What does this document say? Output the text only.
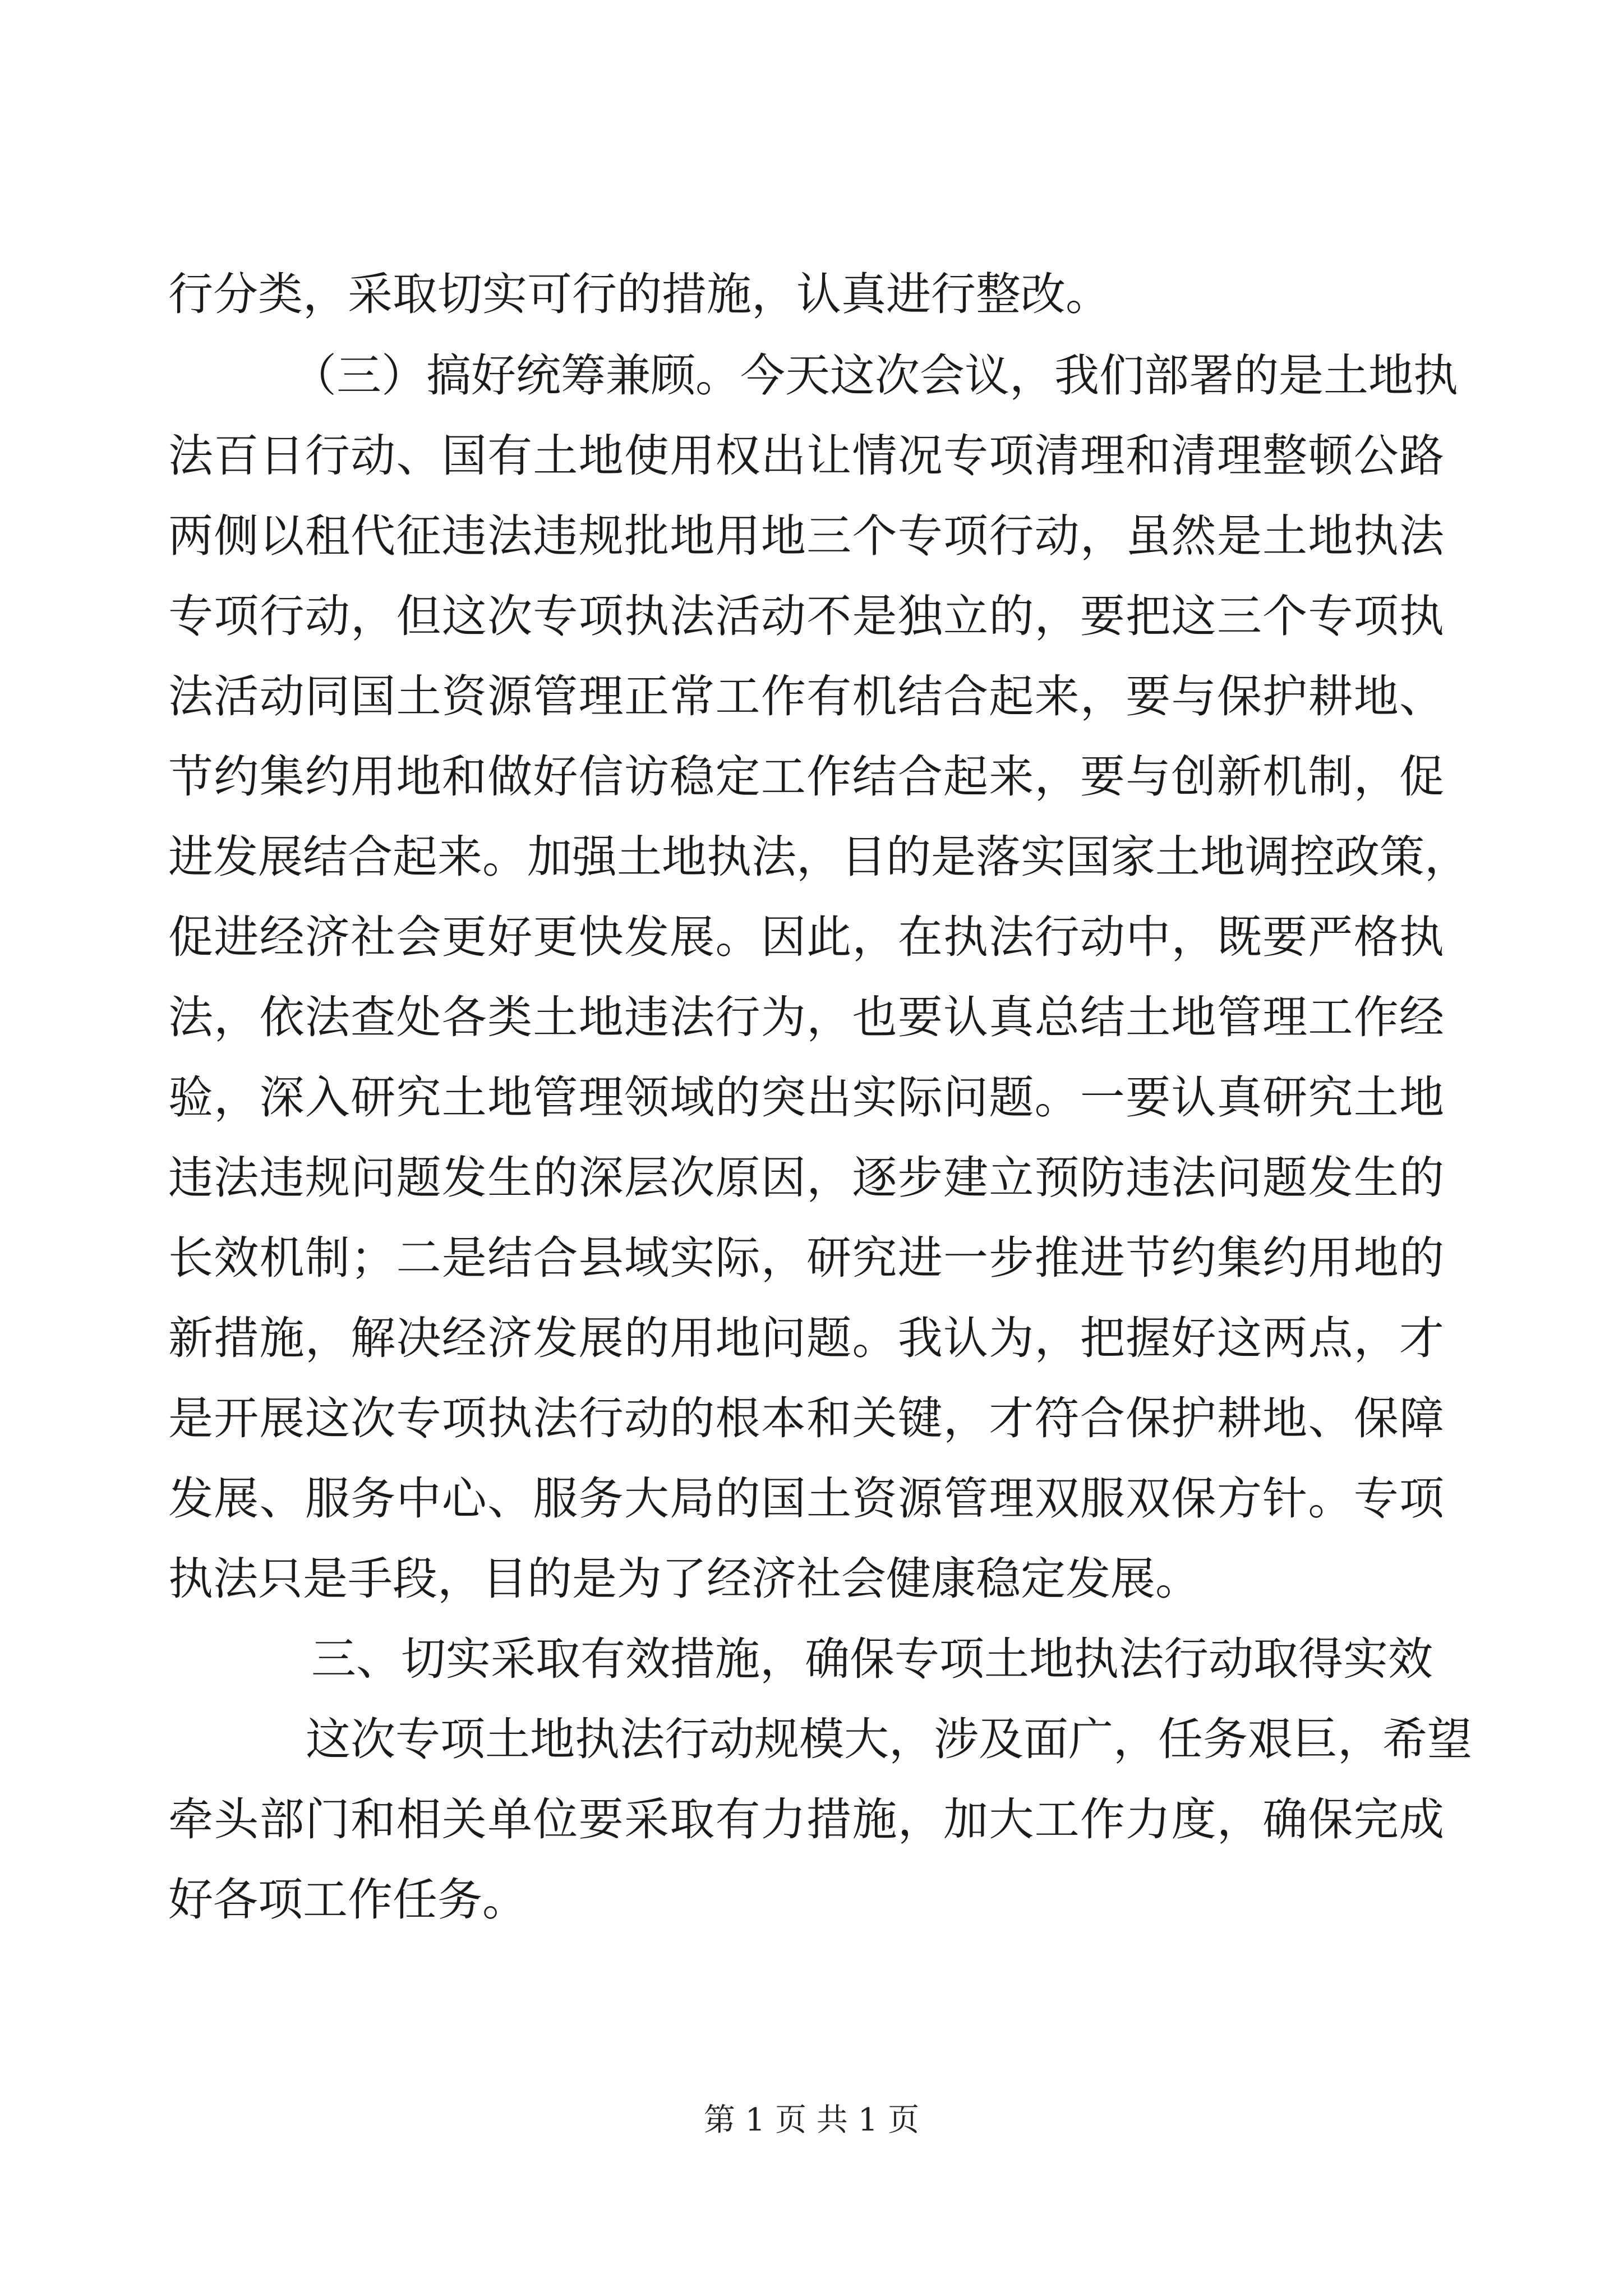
行分类，采取切实可行的措施，认真进行整改。
（三）搞好统筹兼顾。今天这次会议，我们部署的是土地执
法百日行动、国有土地使用权出让情况专项清理和清理整顿公路
两侧以租代征违法违规批地用地三个专项行动，虽然是土地执法
专项行动，但这次专项执法活动不是独立的，要把这三个专项执
法活动同国土资源管理正常工作有机结合起来，要与保护耕地、
节约集约用地和做好信访稳定工作结合起来，要与创新机制，促
进发展结合起来。加强土地执法，目的是落实国家土地调控政策，
促进经济社会更好更快发展。因此，在执法行动中，既要严格执
法，依法查处各类土地违法行为，也要认真总结土地管理工作经
验，深入研究土地管理领域的突出实际问题。一要认真研究土地
违法违规问题发生的深层次原因，逐步建立预防违法问题发生的
长效机制；二是结合县域实际，研究进一步推进节约集约用地的
新措施，解决经济发展的用地问题。我认为，把握好这两点，才
是开展这次专项执法行动的根本和关键，才符合保护耕地、保障
发展、服务中心、服务大局的国土资源管理双服双保方针。专项
执法只是手段，目的是为了经济社会健康稳定发展。
三、切实采取有效措施，确保专项土地执法行动取得实效
这次专项土地执法行动规模大，涉及面广，任务艰巨，希望
牵头部门和相关单位要采取有力措施，加大工作力度，确保完成
好各项工作任务。
第 1 页 共 1 页
